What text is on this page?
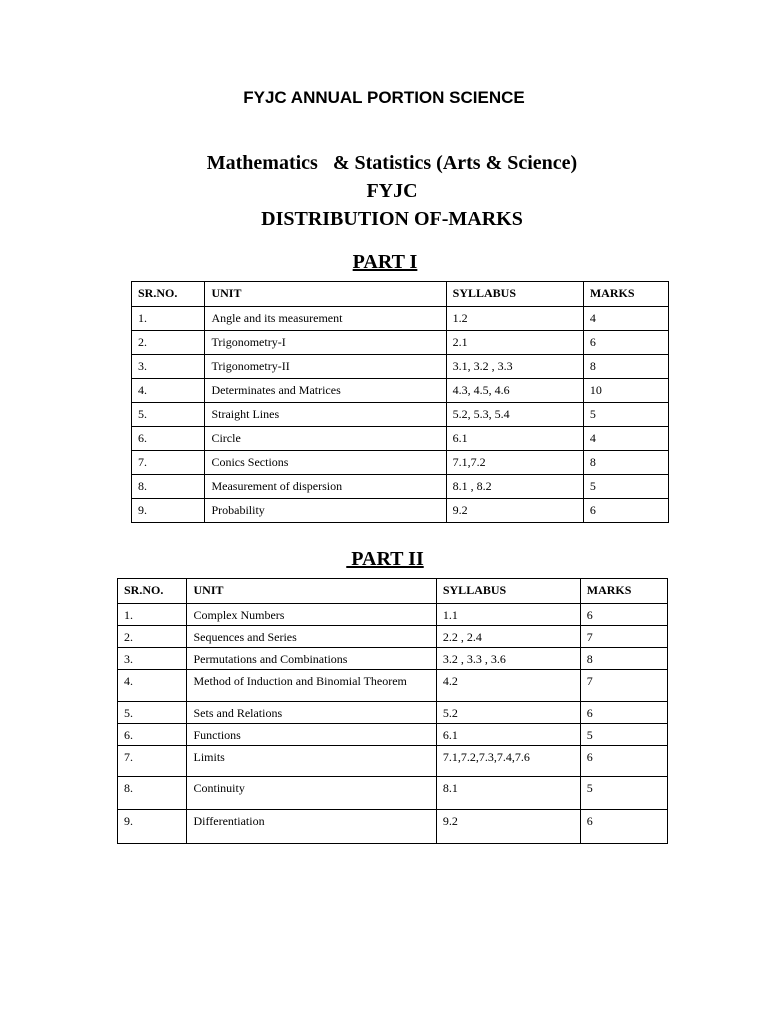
FYJC ANNUAL PORTION SCIENCE
Mathematics   & Statistics (Arts & Science)
FYJC
DISTRIBUTION OF-MARKS
PART I
SR.NO.	UNIT	SYLLABUS	MARKS
1.	Angle and its measurement	1.2	4
2.	Trigonometry-I	2.1	6
3.	Trigonometry-II	3.1, 3.2 , 3.3	8
4.	Determinates and Matrices	4.3, 4.5, 4.6	10
5.	Straight Lines	5.2, 5.3, 5.4	5
6.	Circle	6.1	4
7.	Conics Sections	7.1,7.2	8
8.	Measurement of dispersion	8.1 , 8.2	5
9.	Probability	9.2	6
PART II
SR.NO.	UNIT	SYLLABUS	MARKS
1.	Complex Numbers	1.1	6
2.	Sequences and Series	2.2 , 2.4	7
3.	Permutations and Combinations	3.2 , 3.3 , 3.6	8
4.	Method of Induction and Binomial Theorem	4.2	7
5.	Sets and Relations	5.2	6
6.	Functions	6.1	5
7.	Limits	7.1,7.2,7.3,7.4,7.6	6
8.	Continuity	8.1	5
9.	Differentiation	9.2	6
